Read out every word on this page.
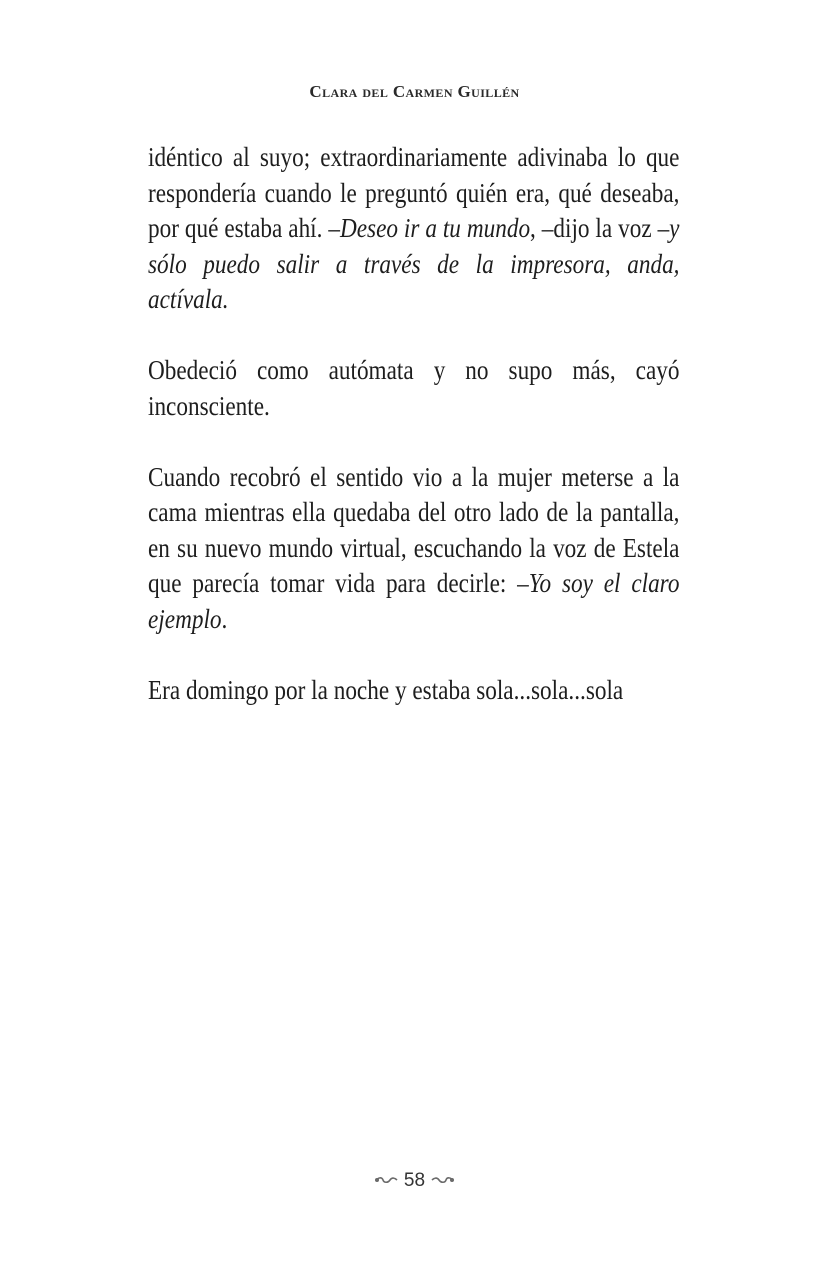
Clara del Carmen Guillén

idéntico al suyo; extraordinariamente adivinaba lo que respondería cuando le preguntó quién era, qué deseaba, por qué estaba ahí. –Deseo ir a tu mundo, –dijo la voz –y sólo puedo salir a través de la impresora, anda, actívala.

Obedeció como autómata y no supo más, cayó inconsciente.

Cuando recobró el sentido vio a la mujer meterse a la cama mientras ella quedaba del otro lado de la pantalla, en su nuevo mundo virtual, escuchando la voz de Estela que parecía tomar vida para decirle: –Yo soy el claro ejemplo.

Era domingo por la noche y estaba sola...sola...sola

58
